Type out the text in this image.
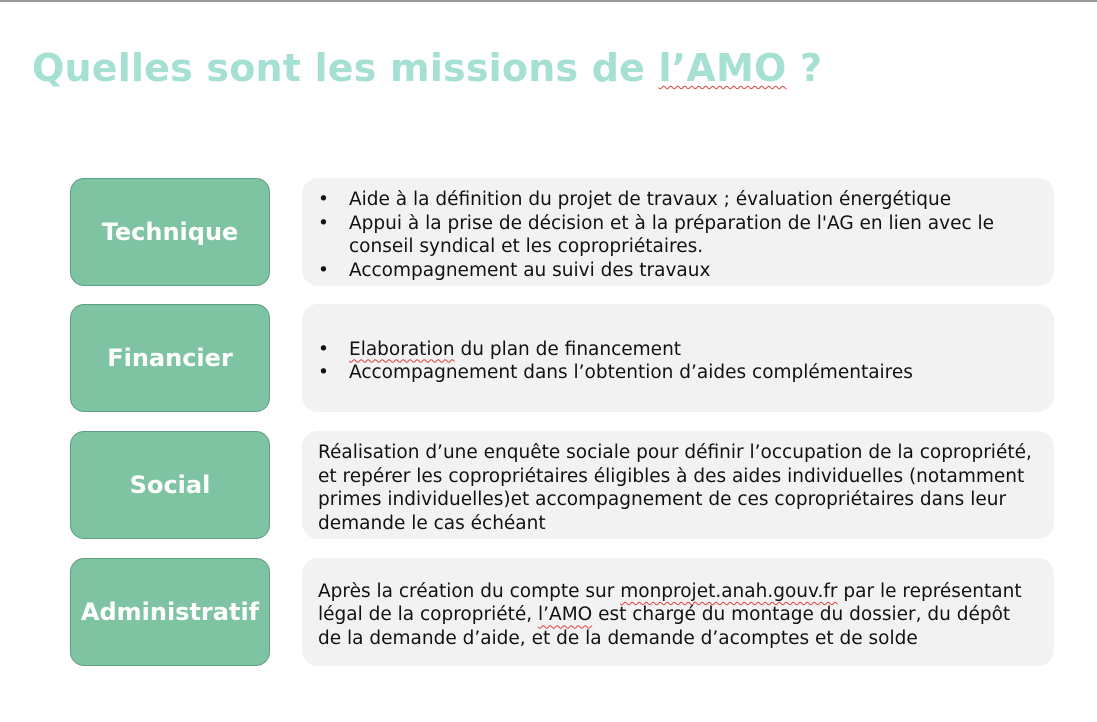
Quelles sont les missions de l’AMO ?
Technique
• Aide à la définition du projet de travaux ; évaluation énergétique
• Appui à la prise de décision et à la préparation de l'AG en lien avec le conseil syndical et les copropriétaires.
• Accompagnement au suivi des travaux
Financier
•	Elaboration du plan de financement
• Accompagnement dans l’obtention d’aides complémentaires
Social

Réalisation d’une enquête sociale pour définir l’occupation de la copropriété, et repérer les copropriétaires éligibles à des aides individuelles (notamment primes individuelles)et accompagnement de ces copropriétaires dans leur demande le cas échéant

Administratif

Après la création du compte sur monprojet.anah.gouv.fr par le représentant légal de la copropriété, l’AMO est chargé du montage du dossier, du dépôt de la demande d’aide, et de la demande d’acomptes et de solde
